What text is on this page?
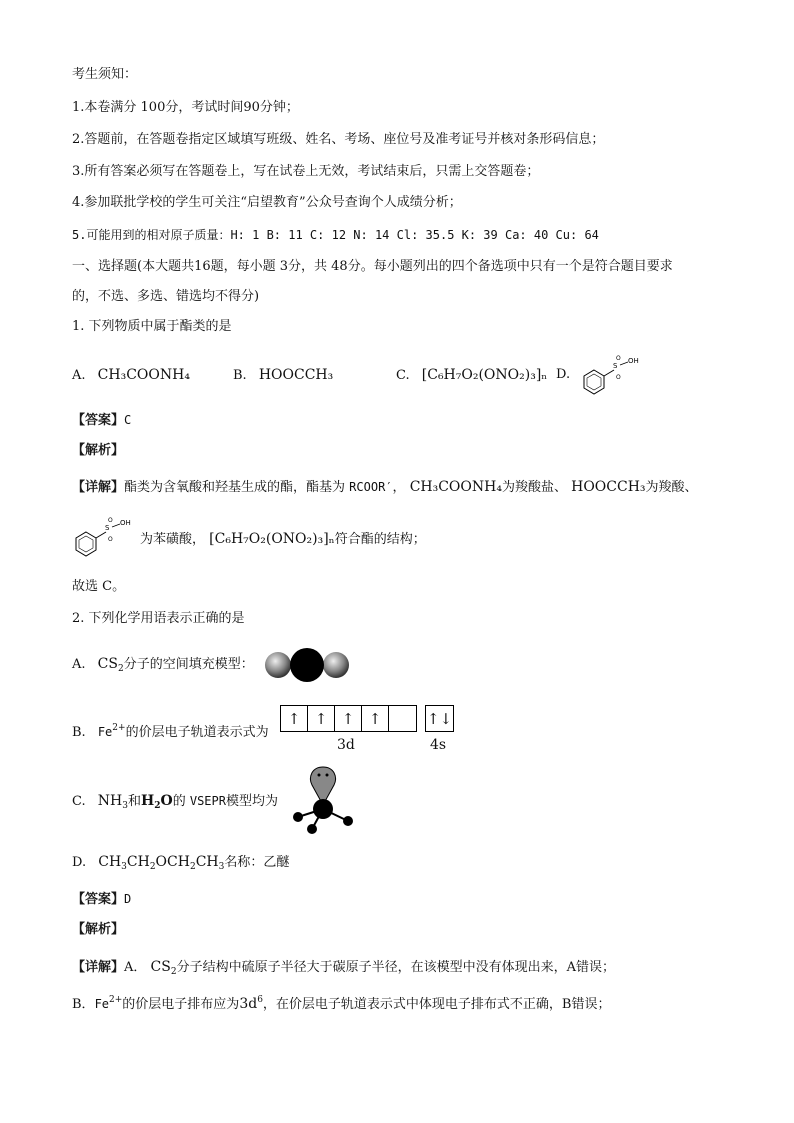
考生须知：
1.本卷满分 100分，考试时间90分钟；
2.答题前，在答题卷指定区域填写班级、姓名、考场、座位号及准考证号并核对条形码信息；
3.所有答案必须写在答题卷上，写在试卷上无效，考试结束后，只需上交答题卷；
4.参加联批学校的学生可关注“启望教育”公众号查询个人成绩分析；
5.可能用到的相对原子质量：H: 1 B: 11 C: 12 N: 14 Cl: 35.5 K: 39 Ca: 40 Cu: 64
一、选择题(本大题共16题，每小题 3分，共 48分。每小题列出的四个备选项中只有一个是符合题目要求
的，不选、多选、错选均不得分)
1. 下列物质中属于酯类的是
A. CH₃COONH₄	B. HOOCCH₃	C. [C₆H₇O₂(ONO₂)₃]ₙ D.
S
O
O
OH
【答案】C
【解析】
【详解】酯类为含氧酸和羟基生成的酯，酯基为 RCOOR′， CH₃COONH₄为羧酸盐、 HOOCCH₃为羧酸、
S
O
O
OH
为苯磺酸， [C₆H₇O₂(ONO₂)₃]ₙ符合酯的结构；
故选 C。
2. 下列化学用语表示正确的是
A. $CS_2$分子的空间填充模型：
B. $Fe^{2+}$的价层电子轨道表示式为
↑ ↑ ↑ ↑	↑↓
3d	4s
C. $NH_3$和$H_2O$的 VSEPR模型均为
D. $CH_3CH_2OCH_2CH_3$名称：乙醚
【答案】D
【解析】
【详解】A． $CS_2$分子结构中硫原子半径大于碳原子半径，在该模型中没有体现出来，A错误；
B．$Fe^{2+}$的价层电子排布应为$3d^6$，在价层电子轨道表示式中体现电子排布式不正确，B错误；
